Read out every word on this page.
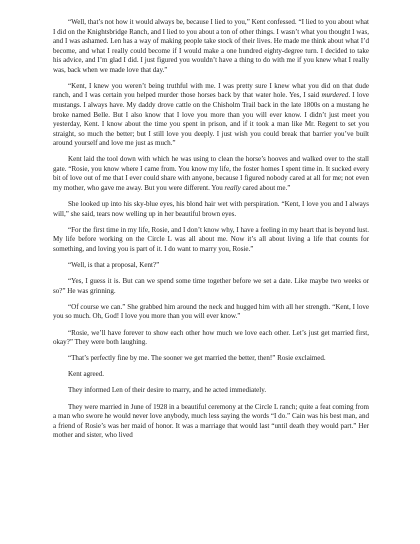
“Well, that’s not how it would always be, because I lied to you,” Kent confessed. “I lied to you about what I did on the Knightsbridge Ranch, and I lied to you about a ton of other things. I wasn’t what you thought I was, and I was ashamed. Len has a way of making people take stock of their lives. He made me think about what I’d become, and what I really could become if I would make a one hundred eighty-degree turn. I decided to take his advice, and I’m glad I did. I just figured you wouldn’t have a thing to do with me if you knew what I really was, back when we made love that day.”

“Kent, I knew you weren’t being truthful with me. I was pretty sure I knew what you did on that dude ranch, and I was certain you helped murder those horses back by that water hole. Yes, I said murdered. I love mustangs. I always have. My daddy drove cattle on the Chisholm Trail back in the late 1800s on a mustang he broke named Belle. But I also know that I love you more than you will ever know. I didn’t just meet you yesterday, Kent. I know about the time you spent in prison, and if it took a man like Mr. Regent to set you straight, so much the better; but I still love you deeply. I just wish you could break that barrier you’ve built around yourself and love me just as much.”

Kent laid the tool down with which he was using to clean the horse’s hooves and walked over to the stall gate. “Rosie, you know where I came from. You know my life, the foster homes I spent time in. It sucked every bit of love out of me that I ever could share with anyone, because I figured nobody cared at all for me; not even my mother, who gave me away. But you were different. You really cared about me.”

She looked up into his sky-blue eyes, his blond hair wet with perspiration. “Kent, I love you and I always will,” she said, tears now welling up in her beautiful brown eyes.

“For the first time in my life, Rosie, and I don’t know why, I have a feeling in my heart that is beyond lust. My life before working on the Circle L was all about me. Now it’s all about living a life that counts for something, and loving you is part of it. I do want to marry you, Rosie.”

“Well, is that a proposal, Kent?”

“Yes, I guess it is. But can we spend some time together before we set a date. Like maybe two weeks or so?” He was grinning.

“Of course we can.” She grabbed him around the neck and hugged him with all her strength. “Kent, I love you so much. Oh, God! I love you more than you will ever know.”

“Rosie, we’ll have forever to show each other how much we love each other. Let’s just get married first, okay?” They were both laughing.

“That’s perfectly fine by me. The sooner we get married the better, then!” Rosie exclaimed.

Kent agreed.

They informed Len of their desire to marry, and he acted immediately.

They were married in June of 1928 in a beautiful ceremony at the Circle L ranch; quite a feat coming from a man who swore he would never love anybody, much less saying the words “I do.” Cain was his best man, and a friend of Rosie’s was her maid of honor. It was a marriage that would last “until death they would part.” Her mother and sister, who lived
